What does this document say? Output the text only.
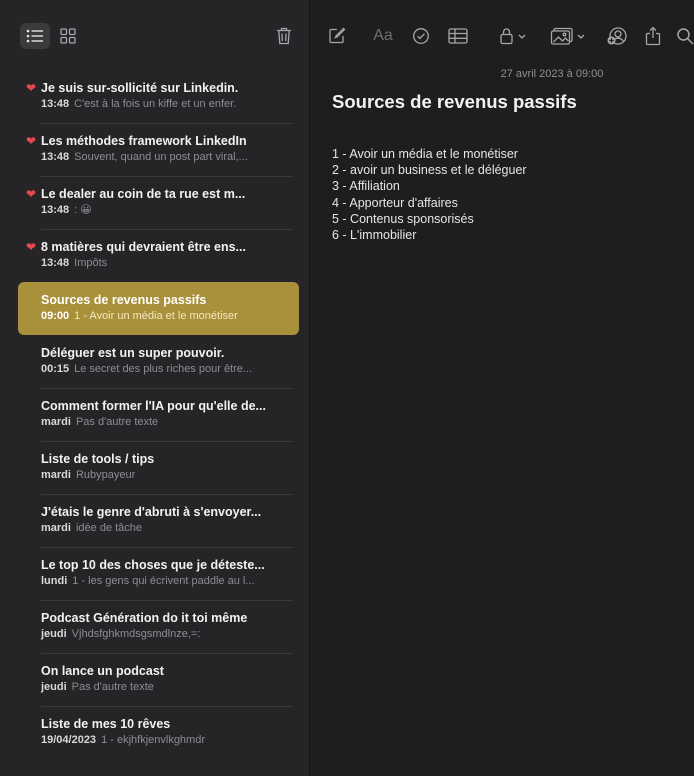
❤ Je suis sur-sollicité sur Linkedin.
13:48 C'est à la fois un kiffe et un enfer.
❤ Les méthodes framework LinkedIn
13:48 Souvent, quand un post part viral,...
❤ Le dealer au coin de ta rue est m...
13:48 : 😀
❤ 8 matières qui devraient être ens...
13:48 Impôts
Sources de revenus passifs
09:00 1 - Avoir un média et le monétiser
Déléguer est un super pouvoir.
00:15 Le secret des plus riches pour être...
Comment former l'IA pour qu'elle de...
mardi Pas d'autre texte
Liste de tools / tips
mardi Rubypayeur
J'étais le genre d'abruti à s'envoyer...
mardi idée de tâche
Le top 10 des choses que je déteste...
lundi 1 - les gens qui écrivent paddle au l...
Podcast Génération do it toi même
jeudi Vjhdsfghkmdsgsmdlnze,=:
On lance un podcast
jeudi Pas d'autre texte
Liste de mes 10 rêves
19/04/2023 1 - ekjhfkjenvlkghmdr
Aa
27 avril 2023 à 09:00
Sources de revenus passifs
1 - Avoir un média et le monétiser
2 - avoir un business et le déléguer
3 - Affiliation
4 - Apporteur d'affaires
5 - Contenus sponsorisés
6 - L'immobilier
